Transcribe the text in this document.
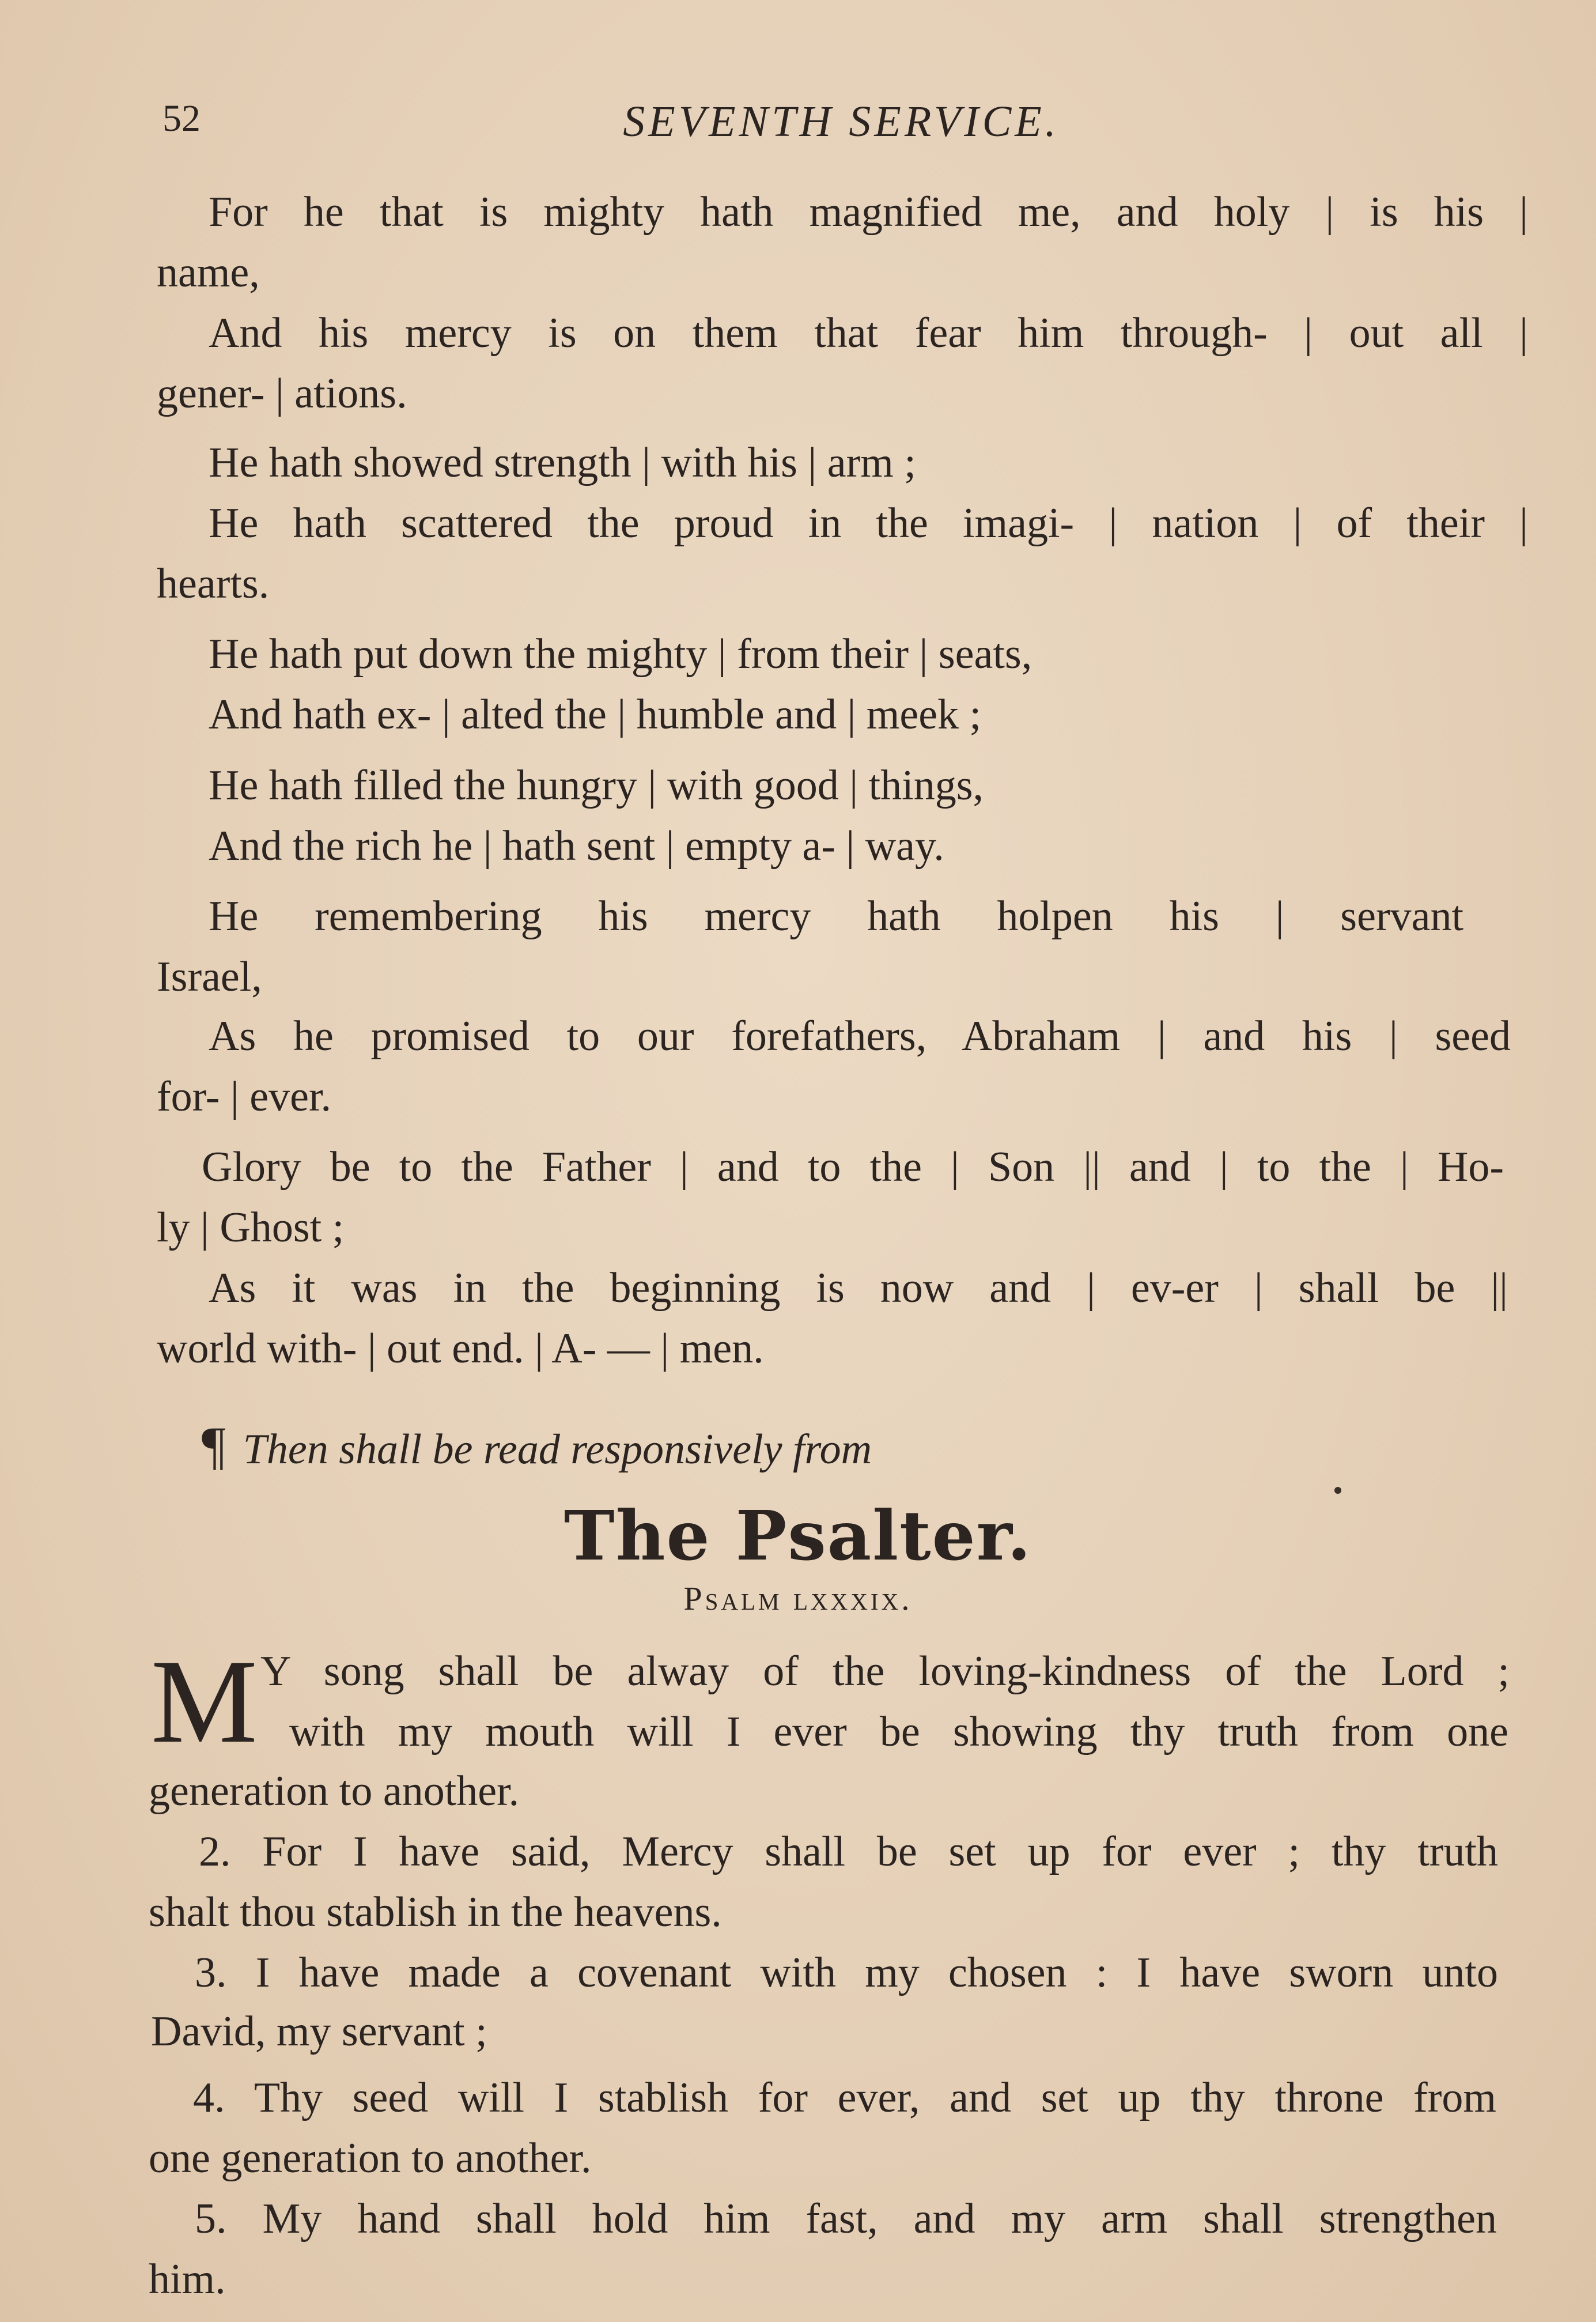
52	SEVENTH SERVICE.
For he that is mighty hath magnified me, and holy | is his |
name,
And his mercy is on them that fear him through- | out all |
gener- | ations.
He hath showed strength | with his | arm ;
He hath scattered the proud in the imagi- | nation | of their |
hearts.
He hath put down the mighty | from their | seats,
And hath ex- | alted the | humble and | meek ;
He hath filled the hungry | with good | things,
And the rich he | hath sent | empty a- | way.
He remembering his mercy hath holpen his | servant
Israel,
As he promised to our forefathers, Abraham | and his | seed
for- | ever.
Glory be to the Father | and to the | Son || and | to the | Ho-
ly | Ghost ;
As it was in the beginning is now and | ev-er | shall be ||
world with- | out end. | A- — | men.
¶ Then shall be read responsively from
The Psalter.
Psalm lxxxix.
M Y song shall be alway of the loving-kindness of the Lord ;
with my mouth will I ever be showing thy truth from one
generation to another.
2. For I have said, Mercy shall be set up for ever ; thy truth
shalt thou stablish in the heavens.
3. I have made a covenant with my chosen : I have sworn unto
David, my servant ;
4. Thy seed will I stablish for ever, and set up thy throne from
one generation to another.
5. My hand shall hold him fast, and my arm shall strengthen
him.
